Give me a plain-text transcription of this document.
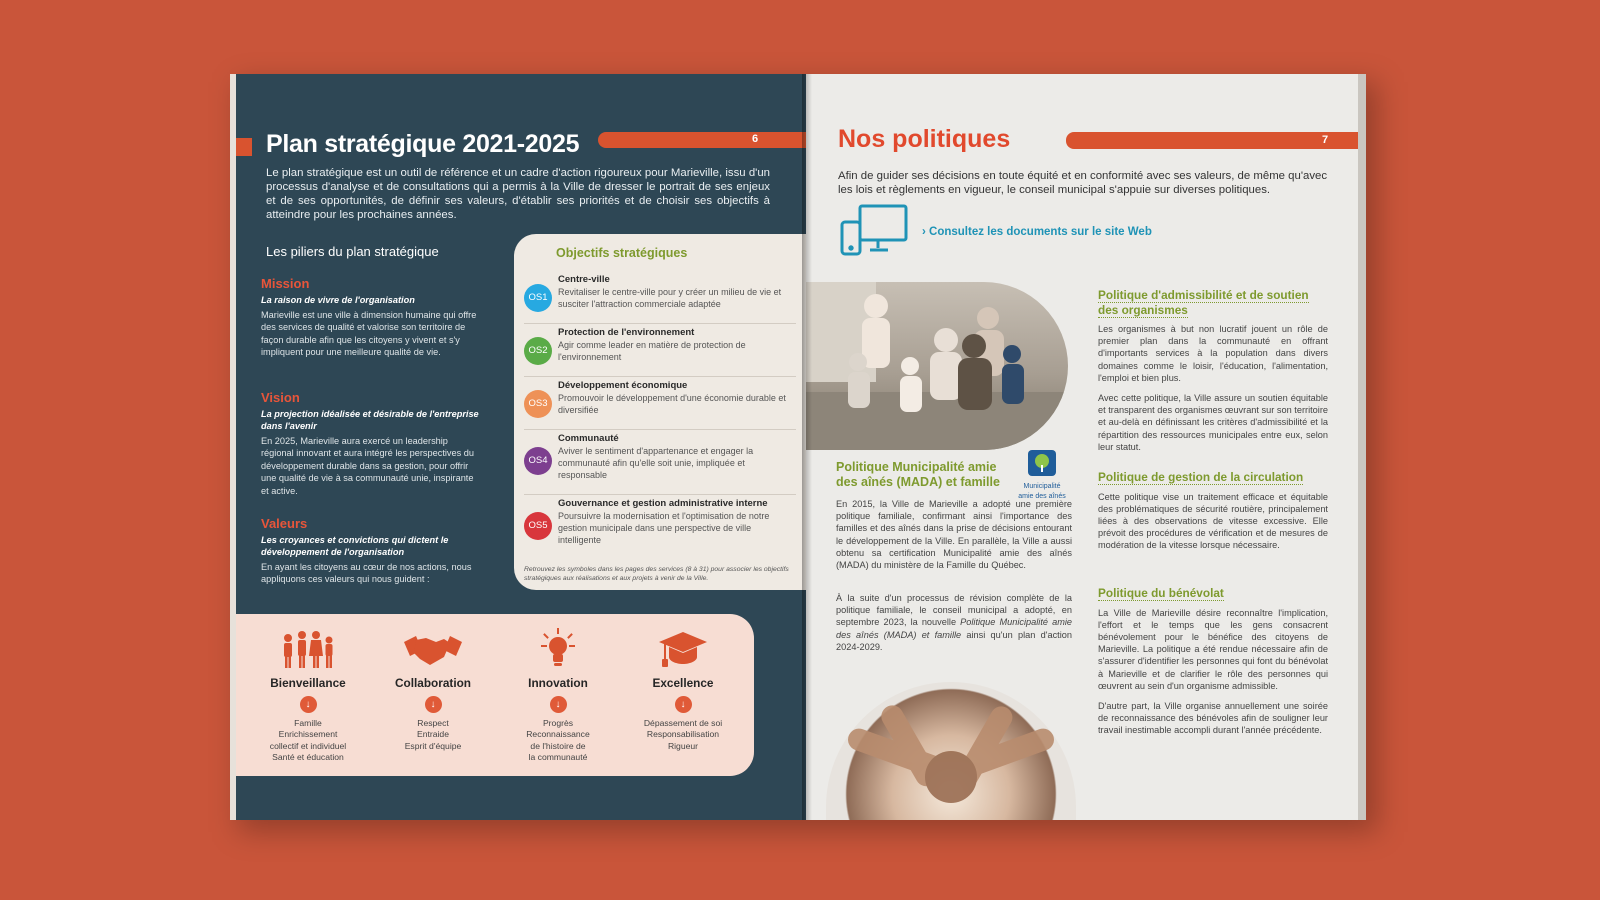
Plan stratégique 2021-2025	6
Le plan stratégique est un outil de référence et un cadre d'action rigoureux pour Marieville, issu d'un processus d'analyse et de consultations qui a permis à la Ville de dresser le portrait de ses enjeux et de ses opportunités, de définir ses valeurs, d'établir ses priorités et de choisir ses objectifs à atteindre pour les prochaines années.
Les piliers du plan stratégique
Mission
La raison de vivre de l'organisation

Marieville est une ville à dimension humaine qui offre des services de qualité et valorise son territoire de façon durable afin que les citoyens y vivent et s'y impliquent pour une meilleure qualité de vie.

Vision
La projection idéalisée et désirable de l'entreprise dans l'avenir

En 2025, Marieville aura exercé un leadership régional innovant et aura intégré les perspectives du développement durable dans sa gestion, pour offrir une qualité de vie à sa communauté unie, inspirante et active.

Valeurs
Les croyances et convictions qui dictent le développement de l'organisation

En ayant les citoyens au cœur de nos actions, nous appliquons ces valeurs qui nous guident :

Objectifs stratégiques
OS1
Centre-ville

Revitaliser le centre-ville pour y créer un milieu de vie et susciter l'attraction commerciale adaptée

OS2
Protection de l'environnement

Agir comme leader en matière de protection de l'environnement

OS3
Développement économique

Promouvoir le développement d'une économie durable et diversifiée

OS4
Communauté

Aviver le sentiment d'appartenance et engager la communauté afin qu'elle soit unie, impliquée et responsable

OS5
Gouvernance et gestion administrative interne

Poursuivre la modernisation et l'optimisation de notre gestion municipale dans une perspective de ville intelligente

Retrouvez les symboles dans les pages des services (8 à 31) pour associer les objectifs stratégiques aux réalisations et aux projets à venir de la Ville.
Bienveillance
↓

Famille

Enrichissement

collectif et individuel

Santé et éducation

Collaboration
↓

Respect

Entraide

Esprit d'équipe

Innovation
↓

Progrès

Reconnaissance

de l'histoire de

la communauté

Excellence
↓

Dépassement de soi

Responsabilisation

Rigueur

Nos politiques	7
Afin de guider ses décisions en toute équité et en conformité avec ses valeurs, de même qu'avec les lois et règlements en vigueur, le conseil municipal s'appuie sur diverses politiques.
› Consultez les documents sur le site Web
Politique Municipalité amie des aînés (MADA) et famille	Municipalité
amie des aînés

En 2015, la Ville de Marieville a adopté une première politique familiale, confirmant ainsi l'importance des familles et des aînés dans la prise de décisions entourant le développement de la Ville. En parallèle, la Ville a aussi obtenu sa certification Municipalité amie des aînés (MADA) du ministère de la Famille du Québec.

À la suite d'un processus de révision complète de la politique familiale, le conseil municipal a adopté, en septembre 2023, la nouvelle Politique Municipalité amie des aînés (MADA) et famille ainsi qu'un plan d'action 2024-2029.

Politique d'admissibilité et de soutien des organismes

Les organismes à but non lucratif jouent un rôle de premier plan dans la communauté en offrant d'importants services à la population dans divers domaines comme le loisir, l'éducation, l'alimentation, l'emploi et bien plus.

Avec cette politique, la Ville assure un soutien équitable et transparent des organismes œuvrant sur son territoire et au-delà en définissant les critères d'admissibilité et la répartition des ressources municipales entre eux, selon leur statut.

Politique de gestion de la circulation

Cette politique vise un traitement efficace et équitable des problématiques de sécurité routière, principalement liées à des observations de vitesse excessive. Elle prévoit des procédures de vérification et de mesures de modération de la vitesse lorsque nécessaire.

Politique du bénévolat

La Ville de Marieville désire reconnaître l'implication, l'effort et le temps que les gens consacrent bénévolement pour le bénéfice des citoyens de Marieville. La politique a été rendue nécessaire afin de s'assurer d'identifier les personnes qui font du bénévolat à Marieville et de clarifier le rôle des personnes qui œuvrent au sein d'un organisme admissible.

D'autre part, la Ville organise annuellement une soirée de reconnaissance des bénévoles afin de souligner leur travail inestimable accompli durant l'année précédente.
